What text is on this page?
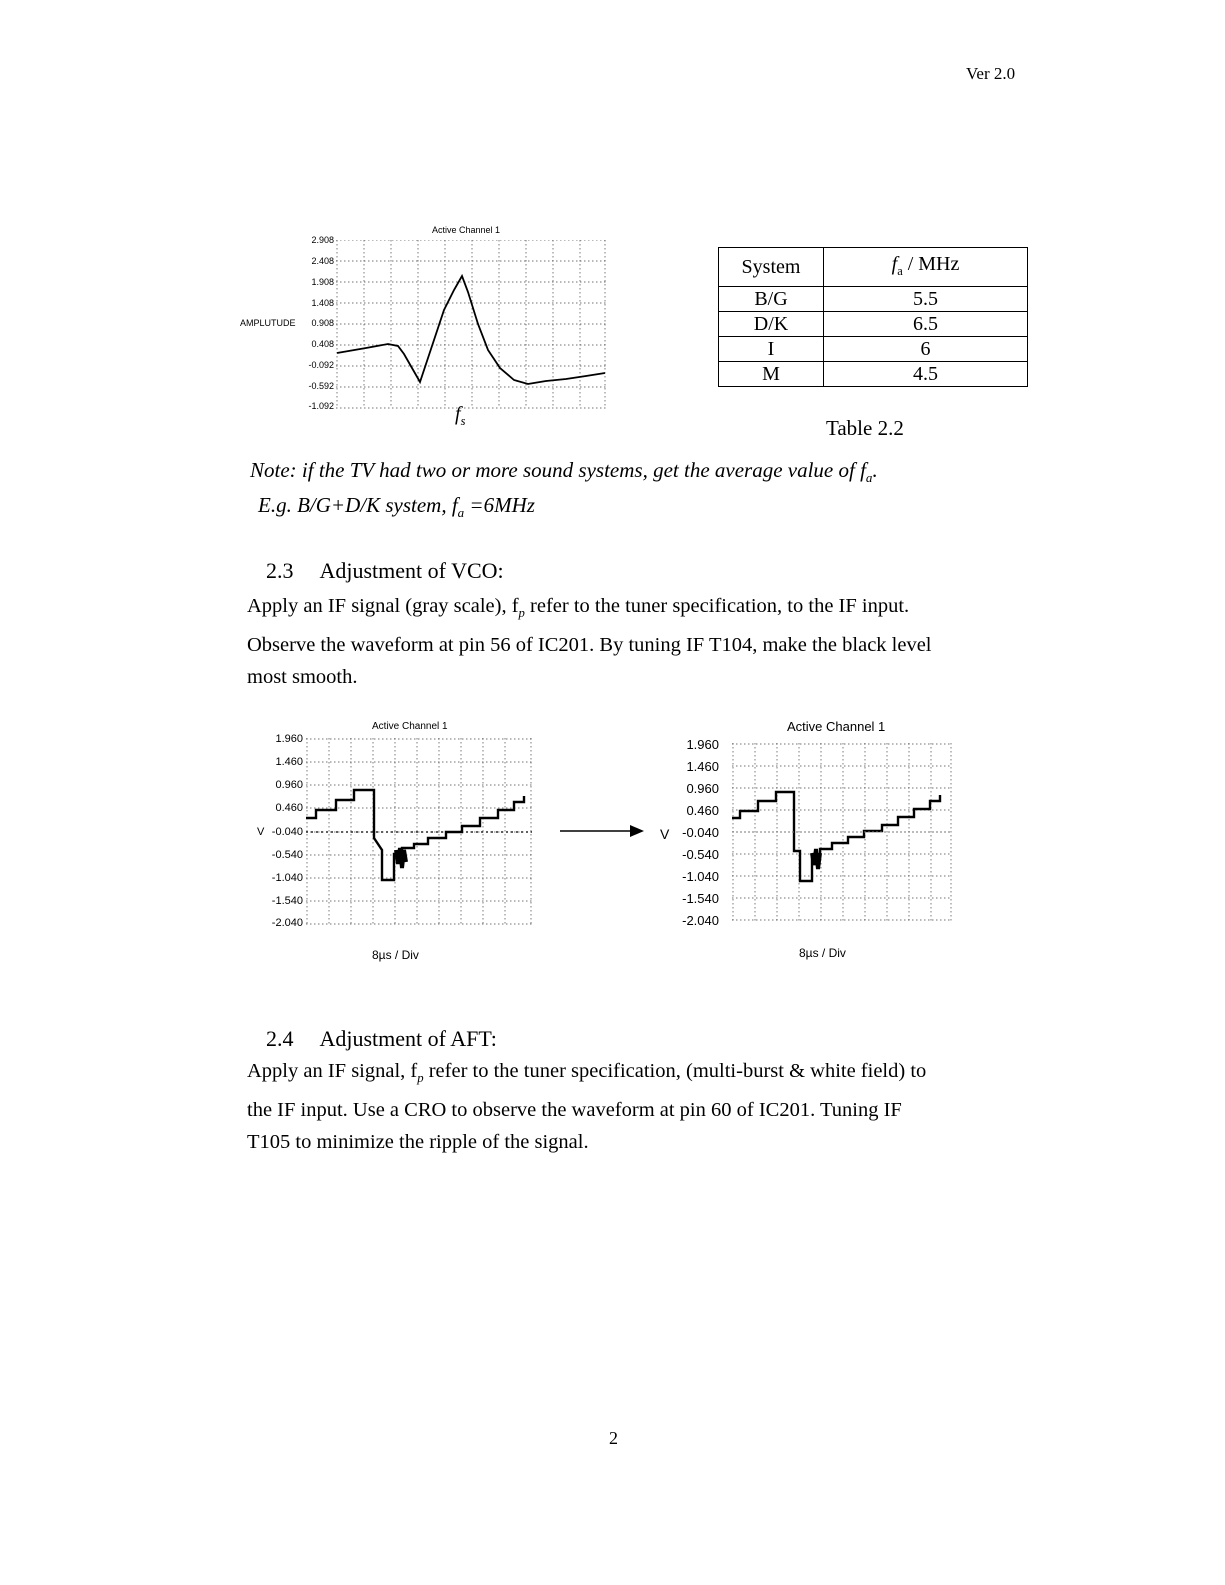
Ver 2.0
Active Channel 1
AMPLUTUDE
2.908
2.408
1.908
1.408
0.908
0.408
-0.092
-0.592
-1.092	$f_s$
System	$f_a$ / MHz
B/G	5.5
D/K	6.5
I	6
M	4.5
Table 2.2
Note: if the TV had two or more sound systems, get the average value of $f_a$.
E.g. B/G+D/K system, $f_a =6MHz$
2.3 Adjustment of VCO:
Apply an IF signal (gray scale), $f_p$ refer to the tuner specification, to the IF input.
Observe the waveform at pin 56 of IC201. By tuning IF T104, make the black level
most smooth.
Active Channel 1
V
1.960
1.460
0.960
0.460
-0.040
-0.540
-1.040
-1.540
-2.040
8µs / Div
Active Channel 1
V
1.960
1.460
0.960
0.460
-0.040
-0.540
-1.040
-1.540
-2.040
8µs / Div
2.4 Adjustment of AFT:
Apply an IF signal, $f_p$ refer to the tuner specification, (multi-burst & white field) to
the IF input. Use a CRO to observe the waveform at pin 60 of IC201. Tuning IF
T105 to minimize the ripple of the signal.
2
